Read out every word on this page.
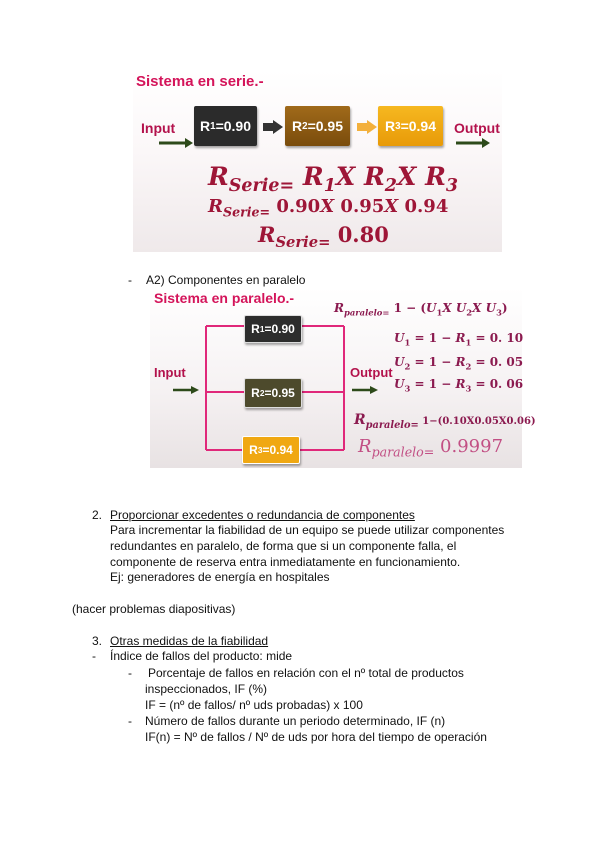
Sistema en serie.-
Input	R 1 =0.90	R 2 =0.95	R 3 =0.94	Output
$R_{Serie=}$ $R_1X$ $R_2X$ $R_3$
$R_{Serie=}$ 0.90X 0.95X 0.94
$R_{Serie=}$ 0.80
- A2) Componentes en paralelo
Sistema en paralelo.-
Input
R 1 =0.90
R 2 =0.95
R 3 =0.94
Output
$R_{paralelo=}$ $1 - (U_1X$ $U_2X$ $U_3$)
$U_1 = 1 - R_1 = 0$. 10
$U_2 = 1 - R_2 = 0$. 05
$U_3 = 1 - R_3 = 0$. 06
$R_{paralelo=}$ 1−(0.10X0.05X0.06)
$R_{paralelo=}$ 0.9997
2. Proporcionar excedentes o redundancia de componentes
Para incrementar la fiabilidad de un equipo se puede utilizar componentes
redundantes en paralelo, de forma que si un componente falla, el
componente de reserva entra inmediatamente en funcionamiento.
Ej: generadores de energía en hospitales
(hacer problemas diapositivas)
3. Otras medidas de la fiabilidad
- Índice de fallos del producto: mide
- Porcentaje de fallos en relación con el nº total de productos
inspeccionados, IF (%)
IF = (nº de fallos/ nº uds probadas) x 100
- Número de fallos durante un periodo determinado, IF (n)
IF(n) = Nº de fallos / Nº de uds por hora del tiempo de operación
